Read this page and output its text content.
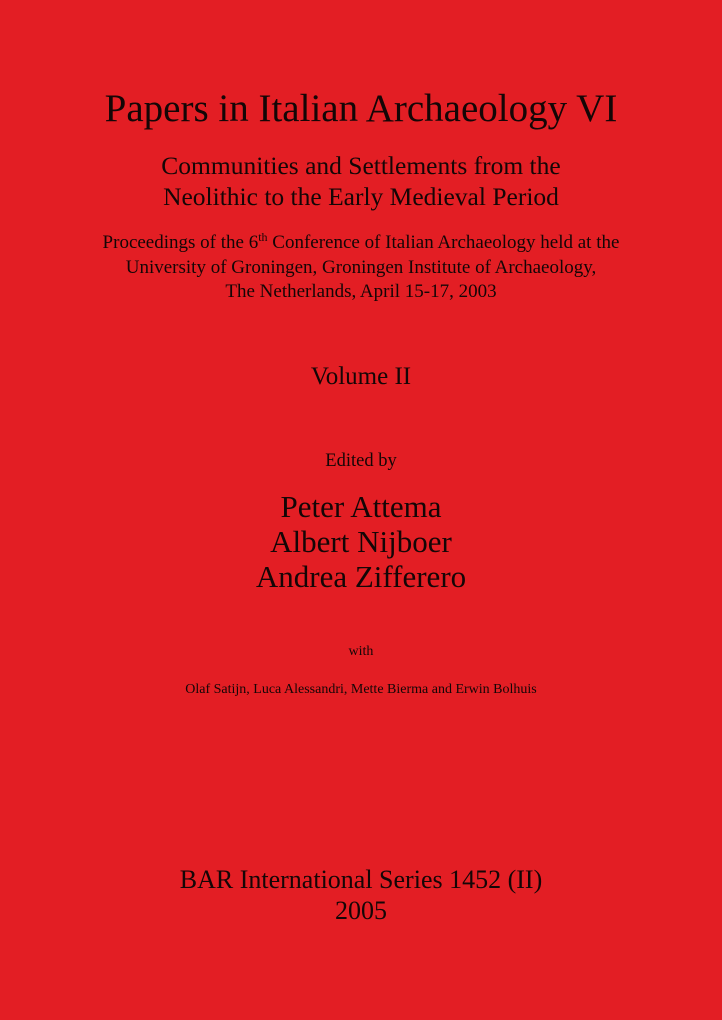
Papers in Italian Archaeology VI
Communities and Settlements from the
Neolithic to the Early Medieval Period
Proceedings of the 6th Conference of Italian Archaeology held at the
University of Groningen, Groningen Institute of Archaeology,
The Netherlands, April 15-17, 2003
Volume II
Edited by
Peter Attema
Albert Nijboer
Andrea Zifferero
with
Olaf Satijn, Luca Alessandri, Mette Bierma and Erwin Bolhuis
BAR International Series 1452 (II)
2005
